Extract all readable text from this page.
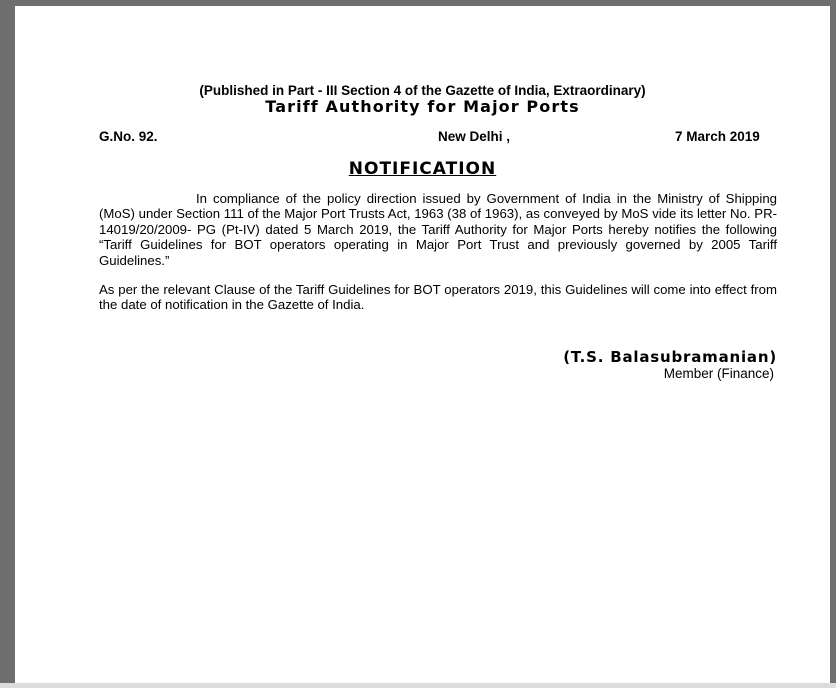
(Published in Part - III Section 4 of the Gazette of India, Extraordinary)
Tariff Authority for Major Ports
G.No. 92.	New Delhi ,	7 March 2019
NOTIFICATION
In compliance of the policy direction issued by Government of India in the Ministry of Shipping (MoS) under Section 111 of the Major Port Trusts Act, 1963 (38 of 1963), as conveyed by MoS vide its letter No. PR-14019/20/2009- PG (Pt-IV) dated 5 March 2019, the Tariff Authority for Major Ports hereby notifies the following “Tariff Guidelines for BOT operators operating in Major Port Trust and previously governed by 2005 Tariff Guidelines.”
As per the relevant Clause of the Tariff Guidelines for BOT operators 2019, this Guidelines will come into effect from the date of notification in the Gazette of India.
(T.S. Balasubramanian)
Member (Finance)
